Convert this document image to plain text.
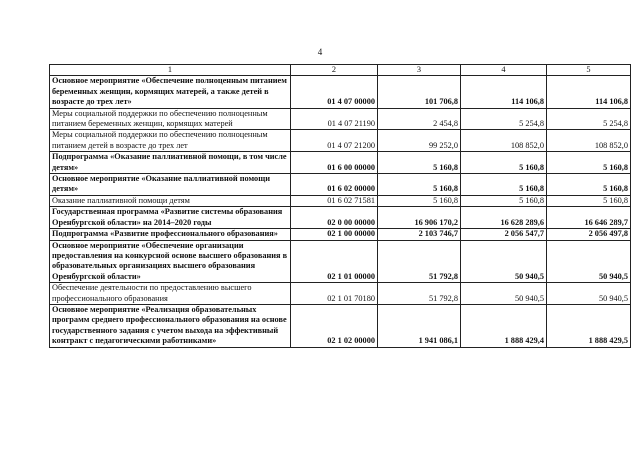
4
1	2	3	4	5
Основное мероприятие «Обеспечение полноценным питанием беременных женщин, кормящих матерей, а также детей в возрасте до трех лет»	01 4 07 00000	101 706,8	114 106,8	114 106,8
Меры социальной поддержки по обеспечению полноценным питанием беременных женщин, кормящих матерей	01 4 07 21190	2 454,8	5 254,8	5 254,8
Меры социальной поддержки по обеспечению полноценным питанием детей в возрасте до трех лет	01 4 07 21200	99 252,0	108 852,0	108 852,0
Подпрограмма «Оказание паллиативной помощи, в том числе детям»	01 6 00 00000	5 160,8	5 160,8	5 160,8
Основное мероприятие «Оказание паллиативной помощи детям»	01 6 02 00000	5 160,8	5 160,8	5 160,8
Оказание паллиативной помощи детям	01 6 02 71581	5 160,8	5 160,8	5 160,8
Государственная программа «Развитие системы образования Оренбургской области» на 2014–2020 годы	02 0 00 00000	16 906 170,2	16 628 289,6	16 646 289,7
Подпрограмма «Развитие профессионального образования»	02 1 00 00000	2 103 746,7	2 056 547,7	2 056 497,8
Основное мероприятие «Обеспечение организации предоставления на конкурсной основе высшего образования в образовательных организациях высшего образования Оренбургской области»	02 1 01 00000	51 792,8	50 940,5	50 940,5
Обеспечение деятельности по предоставлению высшего профессионального образования	02 1 01 70180	51 792,8	50 940,5	50 940,5
Основное мероприятие «Реализация образовательных программ среднего профессионального образования на основе государственного задания с учетом выхода на эффективный контракт с педагогическими работниками»	02 1 02 00000	1 941 086,1	1 888 429,4	1 888 429,5
